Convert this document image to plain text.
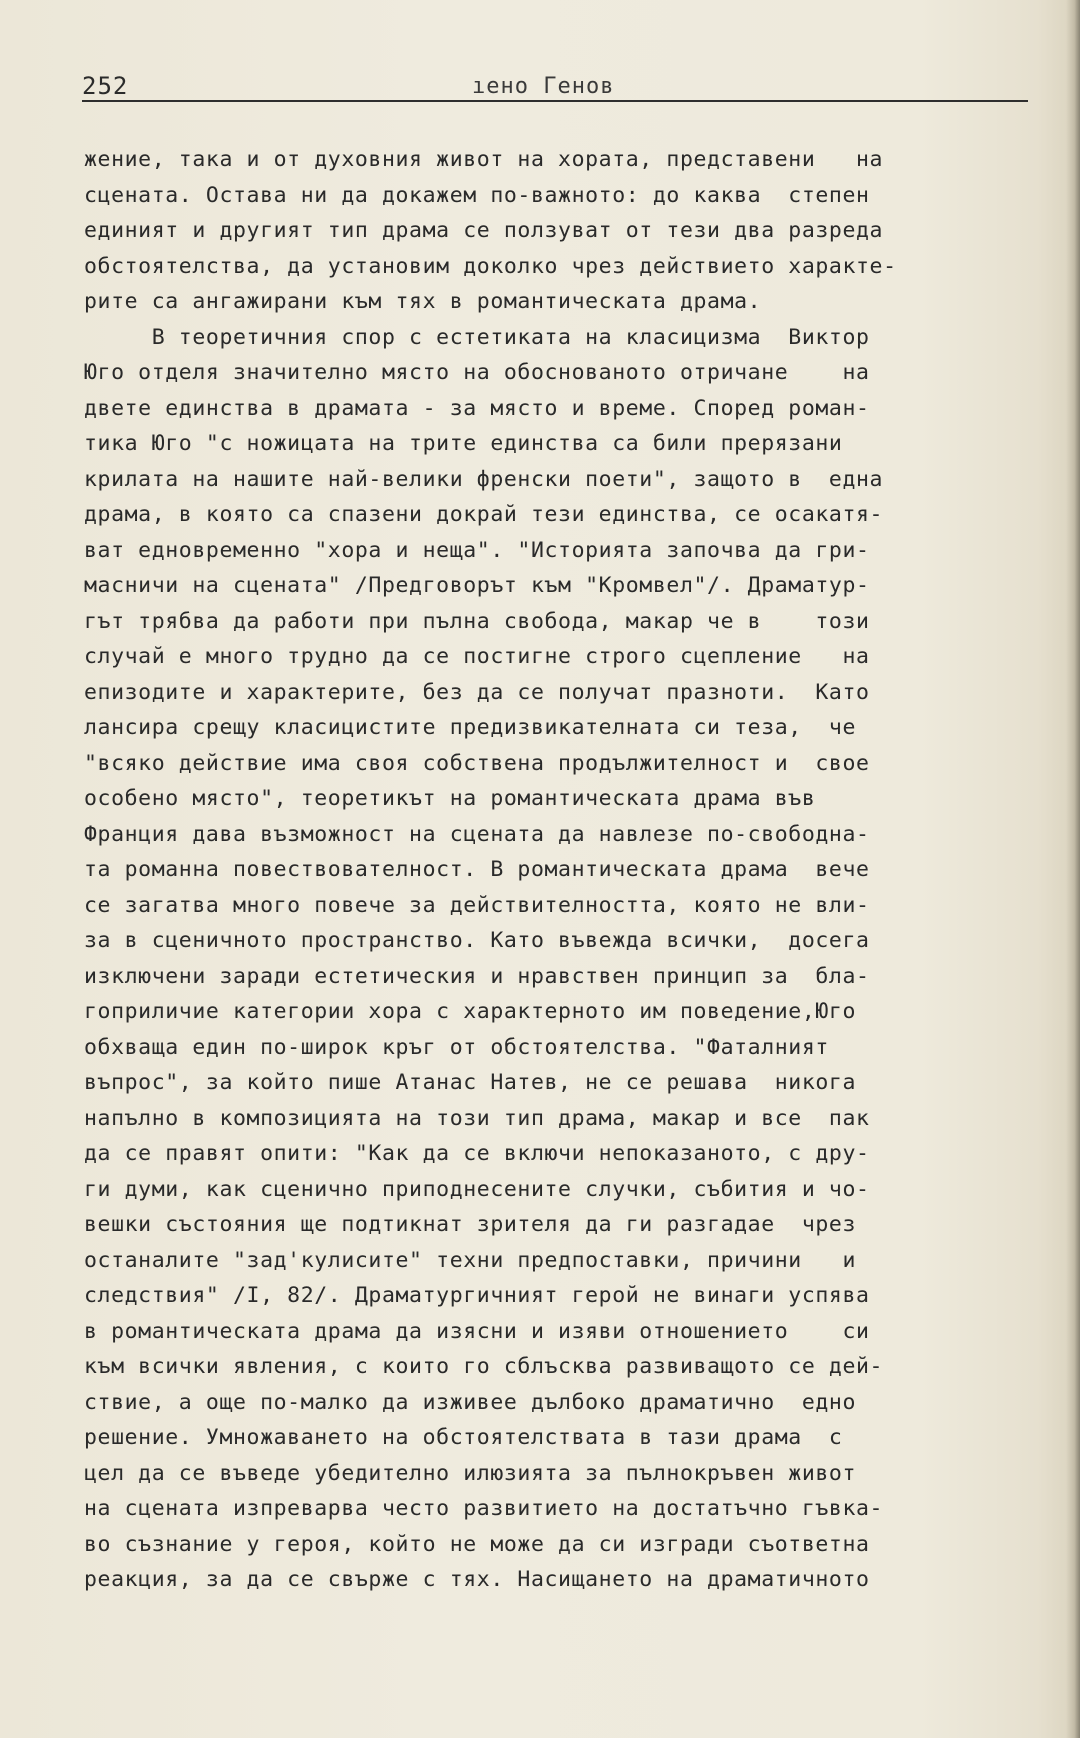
252	ıено Генов
жение, така и от духовния живот на хората, представени   на
сцената. Остава ни да докажем по-важното: до каква  степен
единият и другият тип драма се ползуват от тези два разреда
обстоятелства, да установим доколко чрез действието характе-
рите са ангажирани към тях в романтическата драма.
В теоретичния спор с естетиката на класицизма  Виктор
Юго отделя значително място на обоснованото отричане    на
двете единства в драмата - за място и време. Според роман-
тика Юго "с ножицата на трите единства са били прерязани
крилата на нашите най-велики френски поети", защото в  една
драма, в която са спазени докрай тези единства, се осакатя-
ват едновременно "хора и неща". "Историята започва да гри-
масничи на сцената" /Предговорът към "Кромвел"/. Драматур-
гът трябва да работи при пълна свобода, макар че в    този
случай е много трудно да се постигне строго сцепление   на
епизодите и характерите, без да се получат празноти.  Като
лансира срещу класицистите предизвикателната си теза,  че
"всяко действие има своя собствена продължителност и  свое
особено място", теоретикът на романтическата драма във
Франция дава възможност на сцената да навлезе по-свободна-
та романна повествователност. В романтическата драма  вече
се загатва много повече за действителността, която не вли-
за в сценичното пространство. Като въвежда всички,  досега
изключени заради естетическия и нравствен принцип за  бла-
гоприличие категории хора с характерното им поведение,Юго
обхваща един по-широк кръг от обстоятелства. "Фаталният
въпрос", за който пише Атанас Натев, не се решава  никога
напълно в композицията на този тип драма, макар и все  пак
да се правят опити: "Как да се включи непоказаното, с дру-
ги думи, как сценично приподнесените случки, събития и чо-
вешки състояния ще подтикнат зрителя да ги разгадае  чрез
останалите "зад'кулисите" техни предпоставки, причини   и
следствия" /I, 82/. Драматургичният герой не винаги успява
в романтическата драма да изясни и изяви отношението    си
към всички явления, с които го сблъсква развиващото се дей-
ствие, а още по-малко да изживее дълбоко драматично  едно
решение. Умножаването на обстоятелствата в тази драма  с
цел да се въведе убедително илюзията за пълнокръвен живот
на сцената изпреварва често развитието на достатъчно гъвка-
во съзнание у героя, който не може да си изгради съответна
реакция, за да се свърже с тях. Насищането на драматичното
